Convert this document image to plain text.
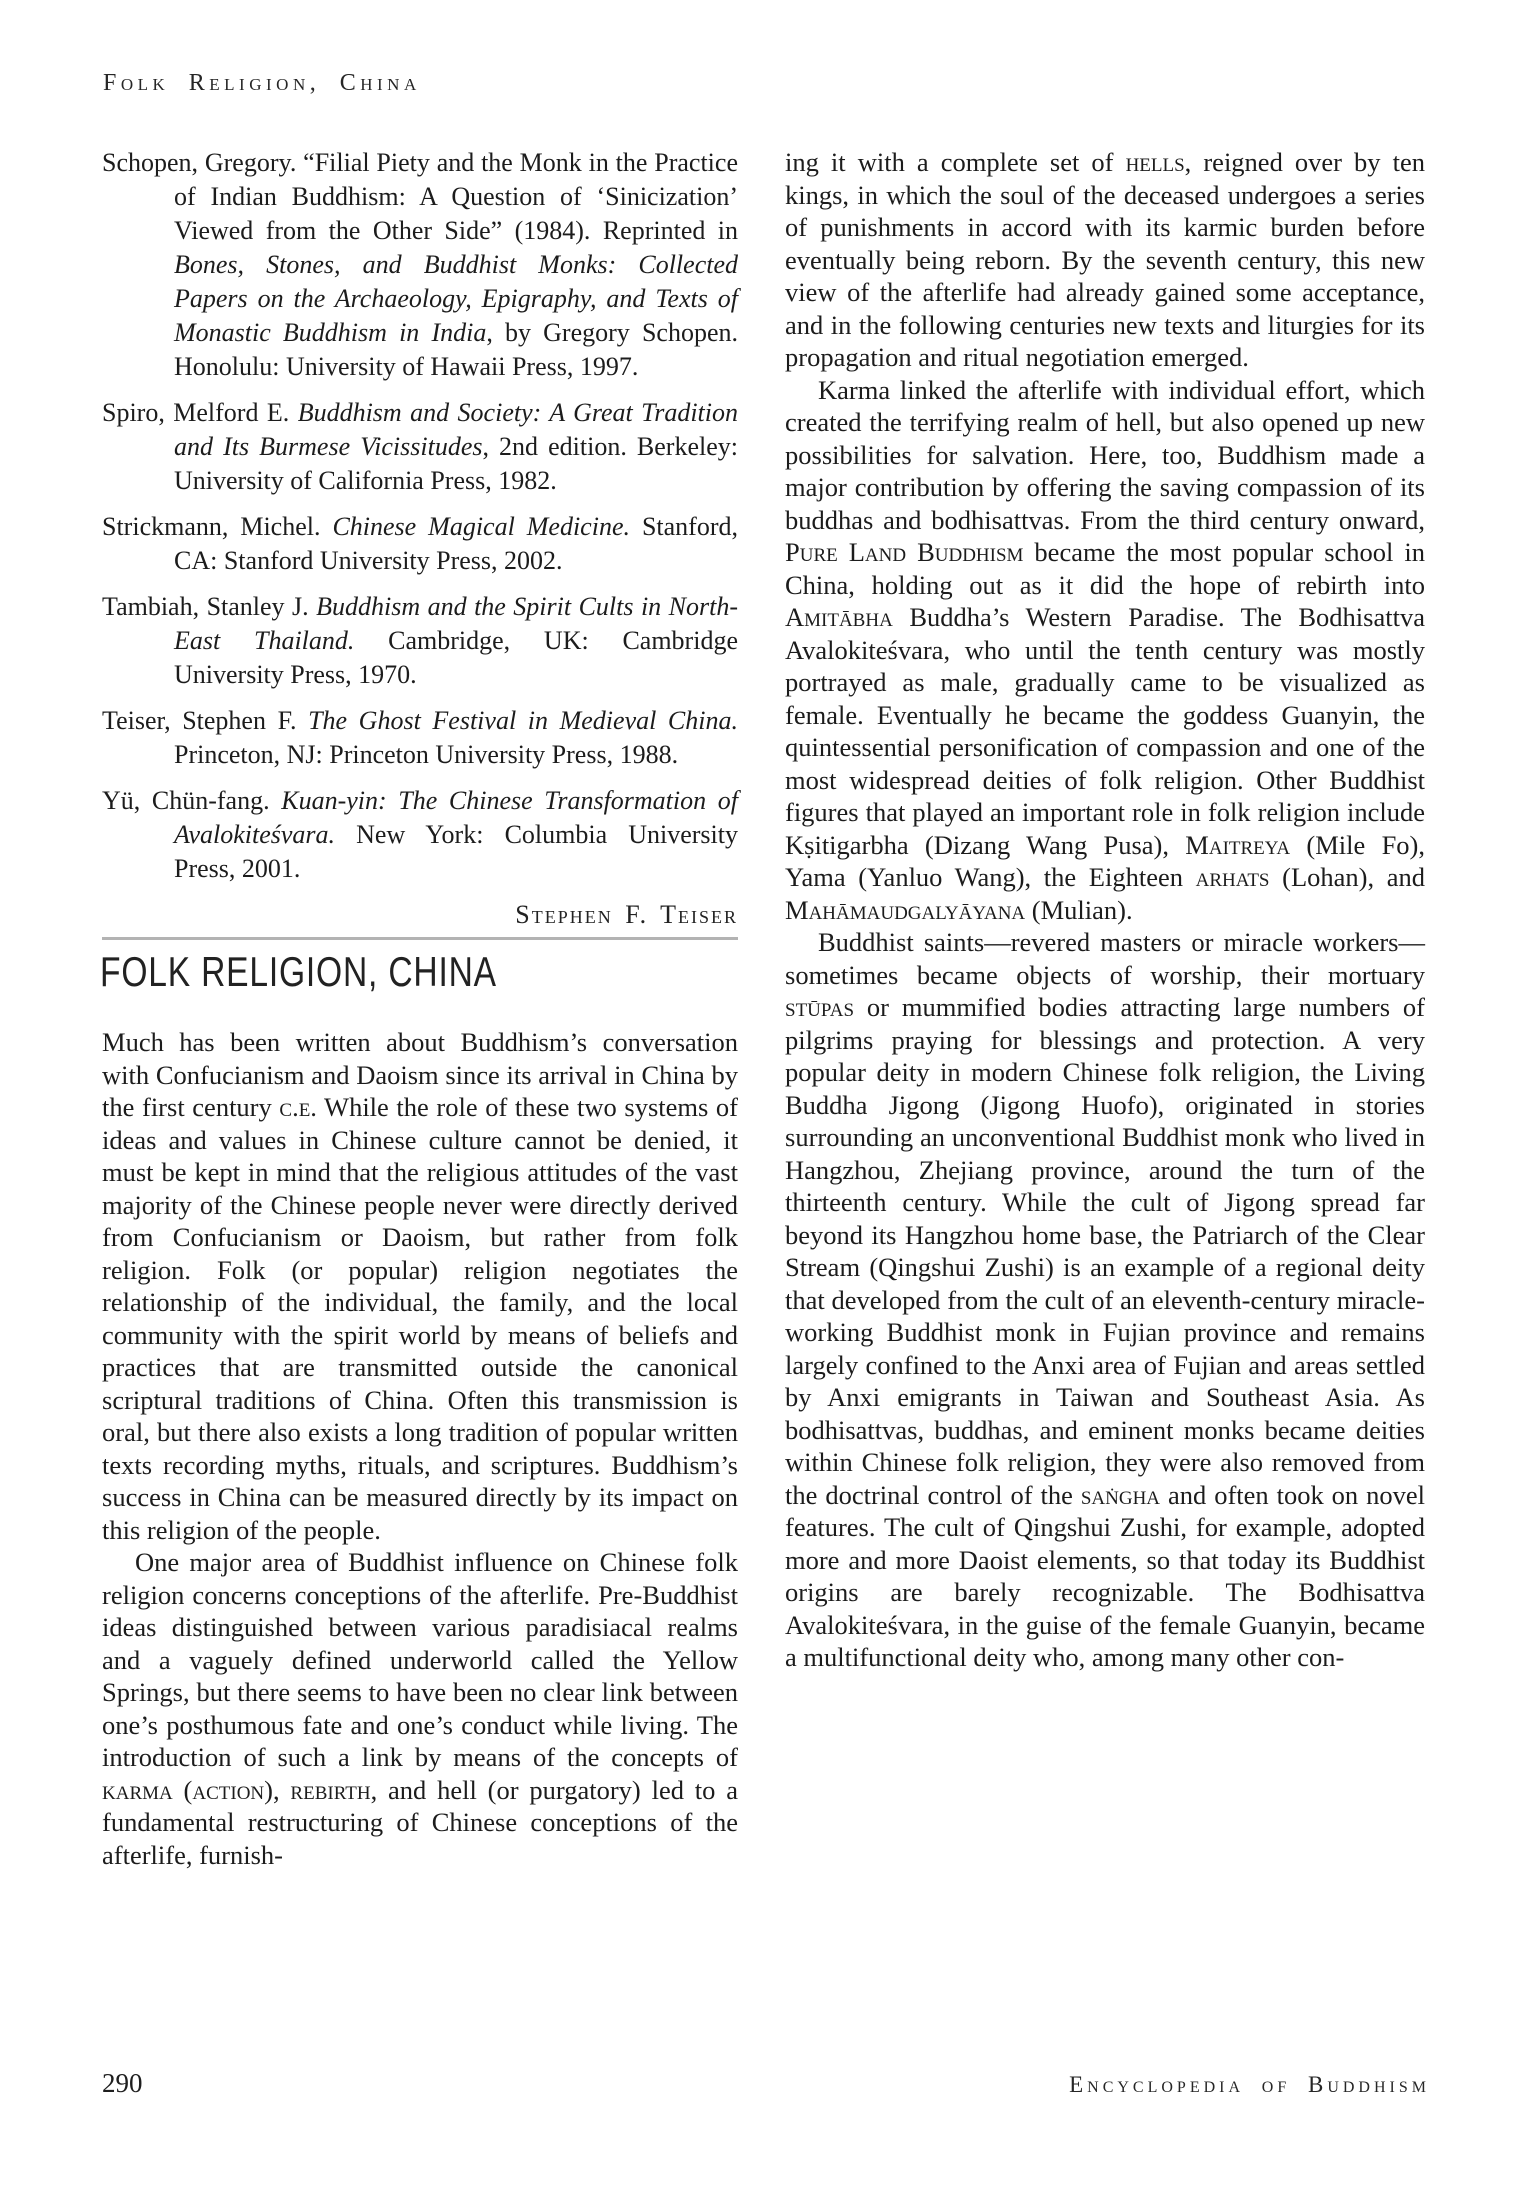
Folk Religion, China

Schopen, Gregory. “Filial Piety and the Monk in the Practice of Indian Buddhism: A Question of ‘Sinicization’ Viewed from the Other Side” (1984). Reprinted in Bones, Stones, and Buddhist Monks: Collected Papers on the Archaeology, Epigraphy, and Texts of Monastic Buddhism in India, by Gregory Schopen. Honolulu: University of Hawaii Press, 1997.

Spiro, Melford E. Buddhism and Society: A Great Tradition and Its Burmese Vicissitudes, 2nd edition. Berkeley: University of California Press, 1982.

Strickmann, Michel. Chinese Magical Medicine. Stanford, CA: Stanford University Press, 2002.

Tambiah, Stanley J. Buddhism and the Spirit Cults in North-East Thailand. Cambridge, UK: Cambridge University Press, 1970.

Teiser, Stephen F. The Ghost Festival in Medieval China. Princeton, NJ: Princeton University Press, 1988.

Yü, Chün-fang. Kuan-yin: The Chinese Transformation of Avalokiteśvara. New York: Columbia University Press, 2001.

Stephen F. Teiser
FOLK RELIGION, CHINA

Much has been written about Buddhism’s conversation with Confucianism and Daoism since its arrival in China by the first century c.e. While the role of these two systems of ideas and values in Chinese culture cannot be denied, it must be kept in mind that the religious attitudes of the vast majority of the Chinese people never were directly derived from Confucianism or Daoism, but rather from folk religion. Folk (or popular) religion negotiates the relationship of the individual, the family, and the local community with the spirit world by means of beliefs and practices that are transmitted outside the canonical scriptural traditions of China. Often this transmission is oral, but there also exists a long tradition of popular written texts recording myths, rituals, and scriptures. Buddhism’s success in China can be measured directly by its impact on this religion of the people.

One major area of Buddhist influence on Chinese folk religion concerns conceptions of the afterlife. Pre-Buddhist ideas distinguished between various paradisiacal realms and a vaguely defined underworld called the Yellow Springs, but there seems to have been no clear link between one’s posthumous fate and one’s conduct while living. The introduction of such a link by means of the concepts of karma (action), rebirth, and hell (or purgatory) led to a fundamental restructuring of Chinese conceptions of the afterlife, furnish-

ing it with a complete set of hells, reigned over by ten kings, in which the soul of the deceased undergoes a series of punishments in accord with its karmic burden before eventually being reborn. By the seventh century, this new view of the afterlife had already gained some acceptance, and in the following centuries new texts and liturgies for its propagation and ritual negotiation emerged.

Karma linked the afterlife with individual effort, which created the terrifying realm of hell, but also opened up new possibilities for salvation. Here, too, Buddhism made a major contribution by offering the saving compassion of its buddhas and bodhisattvas. From the third century onward, Pure Land Buddhism became the most popular school in China, holding out as it did the hope of rebirth into Amitābha Buddha’s Western Paradise. The Bodhisattva Avalokiteśvara, who until the tenth century was mostly portrayed as male, gradually came to be visualized as female. Eventually he became the goddess Guanyin, the quintessential personification of compassion and one of the most widespread deities of folk religion. Other Buddhist figures that played an important role in folk religion include Kṣitigarbha (Dizang Wang Pusa), Maitreya (Mile Fo), Yama (Yanluo Wang), the Eighteen arhats (Lohan), and Mahāmaudgalyāyana (Mulian).

Buddhist saints—revered masters or miracle workers—sometimes became objects of worship, their mortuary stūpas or mummified bodies attracting large numbers of pilgrims praying for blessings and protection. A very popular deity in modern Chinese folk religion, the Living Buddha Jigong (Jigong Huofo), originated in stories surrounding an unconventional Buddhist monk who lived in Hangzhou, Zhejiang province, around the turn of the thirteenth century. While the cult of Jigong spread far beyond its Hangzhou home base, the Patriarch of the Clear Stream (Qingshui Zushi) is an example of a regional deity that developed from the cult of an eleventh-century miracle-working Buddhist monk in Fujian province and remains largely confined to the Anxi area of Fujian and areas settled by Anxi emigrants in Taiwan and Southeast Asia. As bodhisattvas, buddhas, and eminent monks became deities within Chinese folk religion, they were also removed from the doctrinal control of the saṅgha and often took on novel features. The cult of Qingshui Zushi, for example, adopted more and more Daoist elements, so that today its Buddhist origins are barely recognizable. The Bodhisattva Avalokiteśvara, in the guise of the female Guanyin, became a multifunctional deity who, among many other con-

290	Encyclopedia of Buddhism
